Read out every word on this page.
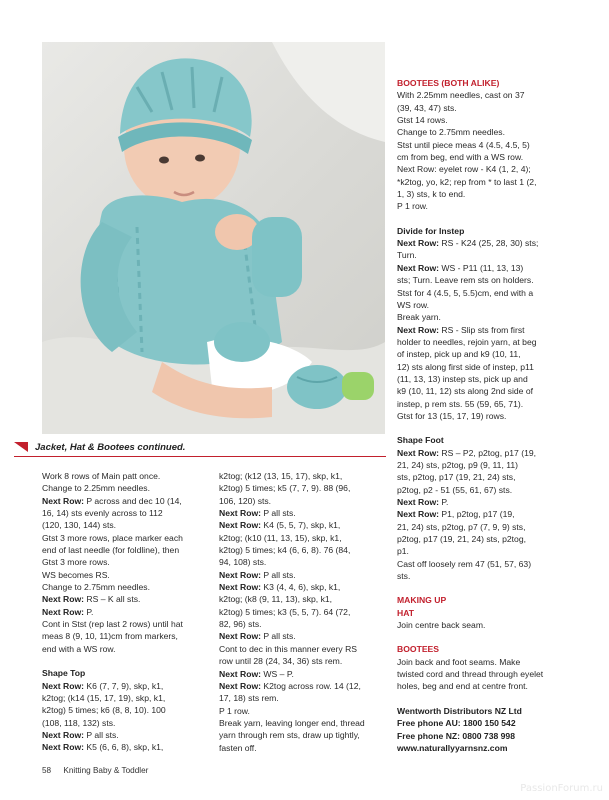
Jacket, Hat & Bootees continued.

Work 8 rows of Main patt once.

Change to 2.25mm needles.

Next Row: P across and dec 10 (14,

16, 14) sts evenly across to 112

(120, 130, 144) sts.

Gtst 3 more rows, place marker each

end of last needle (for foldline), then

Gtst 3 more rows.

WS becomes RS.

Change to 2.75mm needles.

Next Row: RS – K all sts.

Next Row: P.

Cont in Stst (rep last 2 rows) until hat

meas 8 (9, 10, 11)cm from markers,

end with a WS row.

Shape Top

Next Row: K6 (7, 7, 9), skp, k1,

k2tog; (k14 (15, 17, 19), skp, k1,

k2tog) 5 times; k6 (8, 8, 10). 100

(108, 118, 132) sts.

Next Row: P all sts.

Next Row: K5 (6, 6, 8), skp, k1,

k2tog; (k12 (13, 15, 17), skp, k1,

k2tog) 5 times; k5 (7, 7, 9). 88 (96,

106, 120) sts.

Next Row: P all sts.

Next Row: K4 (5, 5, 7), skp, k1,

k2tog; (k10 (11, 13, 15), skp, k1,

k2tog) 5 times; k4 (6, 6, 8). 76 (84,

94, 108) sts.

Next Row: P all sts.

Next Row: K3 (4, 4, 6), skp, k1,

k2tog; (k8 (9, 11, 13), skp, k1,

k2tog) 5 times; k3 (5, 5, 7). 64 (72,

82, 96) sts.

Next Row: P all sts.

Cont to dec in this manner every RS

row until 28 (24, 34, 36) sts rem.

Next Row: WS – P.

Next Row: K2tog across row. 14 (12,

17, 18) sts rem.

P 1 row.

Break yarn, leaving longer end, thread

yarn through rem sts, draw up tightly,

fasten off.

BOOTEES (BOTH ALIKE)

With 2.25mm needles, cast on 37

(39, 43, 47) sts.

Gtst 14 rows.

Change to 2.75mm needles.

Stst until piece meas 4 (4.5, 4.5, 5)

cm from beg, end with a WS row.

Next Row: eyelet row - K4 (1, 2, 4);

*k2tog, yo, k2; rep from * to last 1 (2,

1, 3) sts, k to end.

P 1 row.

Divide for Instep

Next Row: RS - K24 (25, 28, 30) sts;

Turn.

Next Row: WS - P11 (11, 13, 13)

sts; Turn. Leave rem sts on holders.

Stst for 4 (4.5, 5, 5.5)cm, end with a

WS row.

Break yarn.

Next Row: RS - Slip sts from first

holder to needles, rejoin yarn, at beg

of instep, pick up and k9 (10, 11,

12) sts along first side of instep, p11

(11, 13, 13) instep sts, pick up and

k9 (10, 11, 12) sts along 2nd side of

instep, p rem sts. 55 (59, 65, 71).

Gtst for 13 (15, 17, 19) rows.

Shape Foot

Next Row: RS – P2, p2tog, p17 (19,

21, 24) sts, p2tog, p9 (9, 11, 11)

sts, p2tog, p17 (19, 21, 24) sts,

p2tog, p2 - 51 (55, 61, 67) sts.

Next Row: P.

Next Row: P1, p2tog, p17 (19,

21, 24) sts, p2tog, p7 (7, 9, 9) sts,

p2tog, p17 (19, 21, 24) sts, p2tog,

p1.

Cast off loosely rem 47 (51, 57, 63)

sts.

MAKING UP

HAT

Join centre back seam.

BOOTEES

Join back and foot seams. Make

twisted cord and thread through eyelet

holes, beg and end at centre front.

Wentworth Distributors NZ Ltd

Free phone AU: 1800 150 542

Free phone NZ: 0800 738 998

www.naturallyyarnsnz.com

58 Knitting Baby & Toddler
PassionForum.ru
